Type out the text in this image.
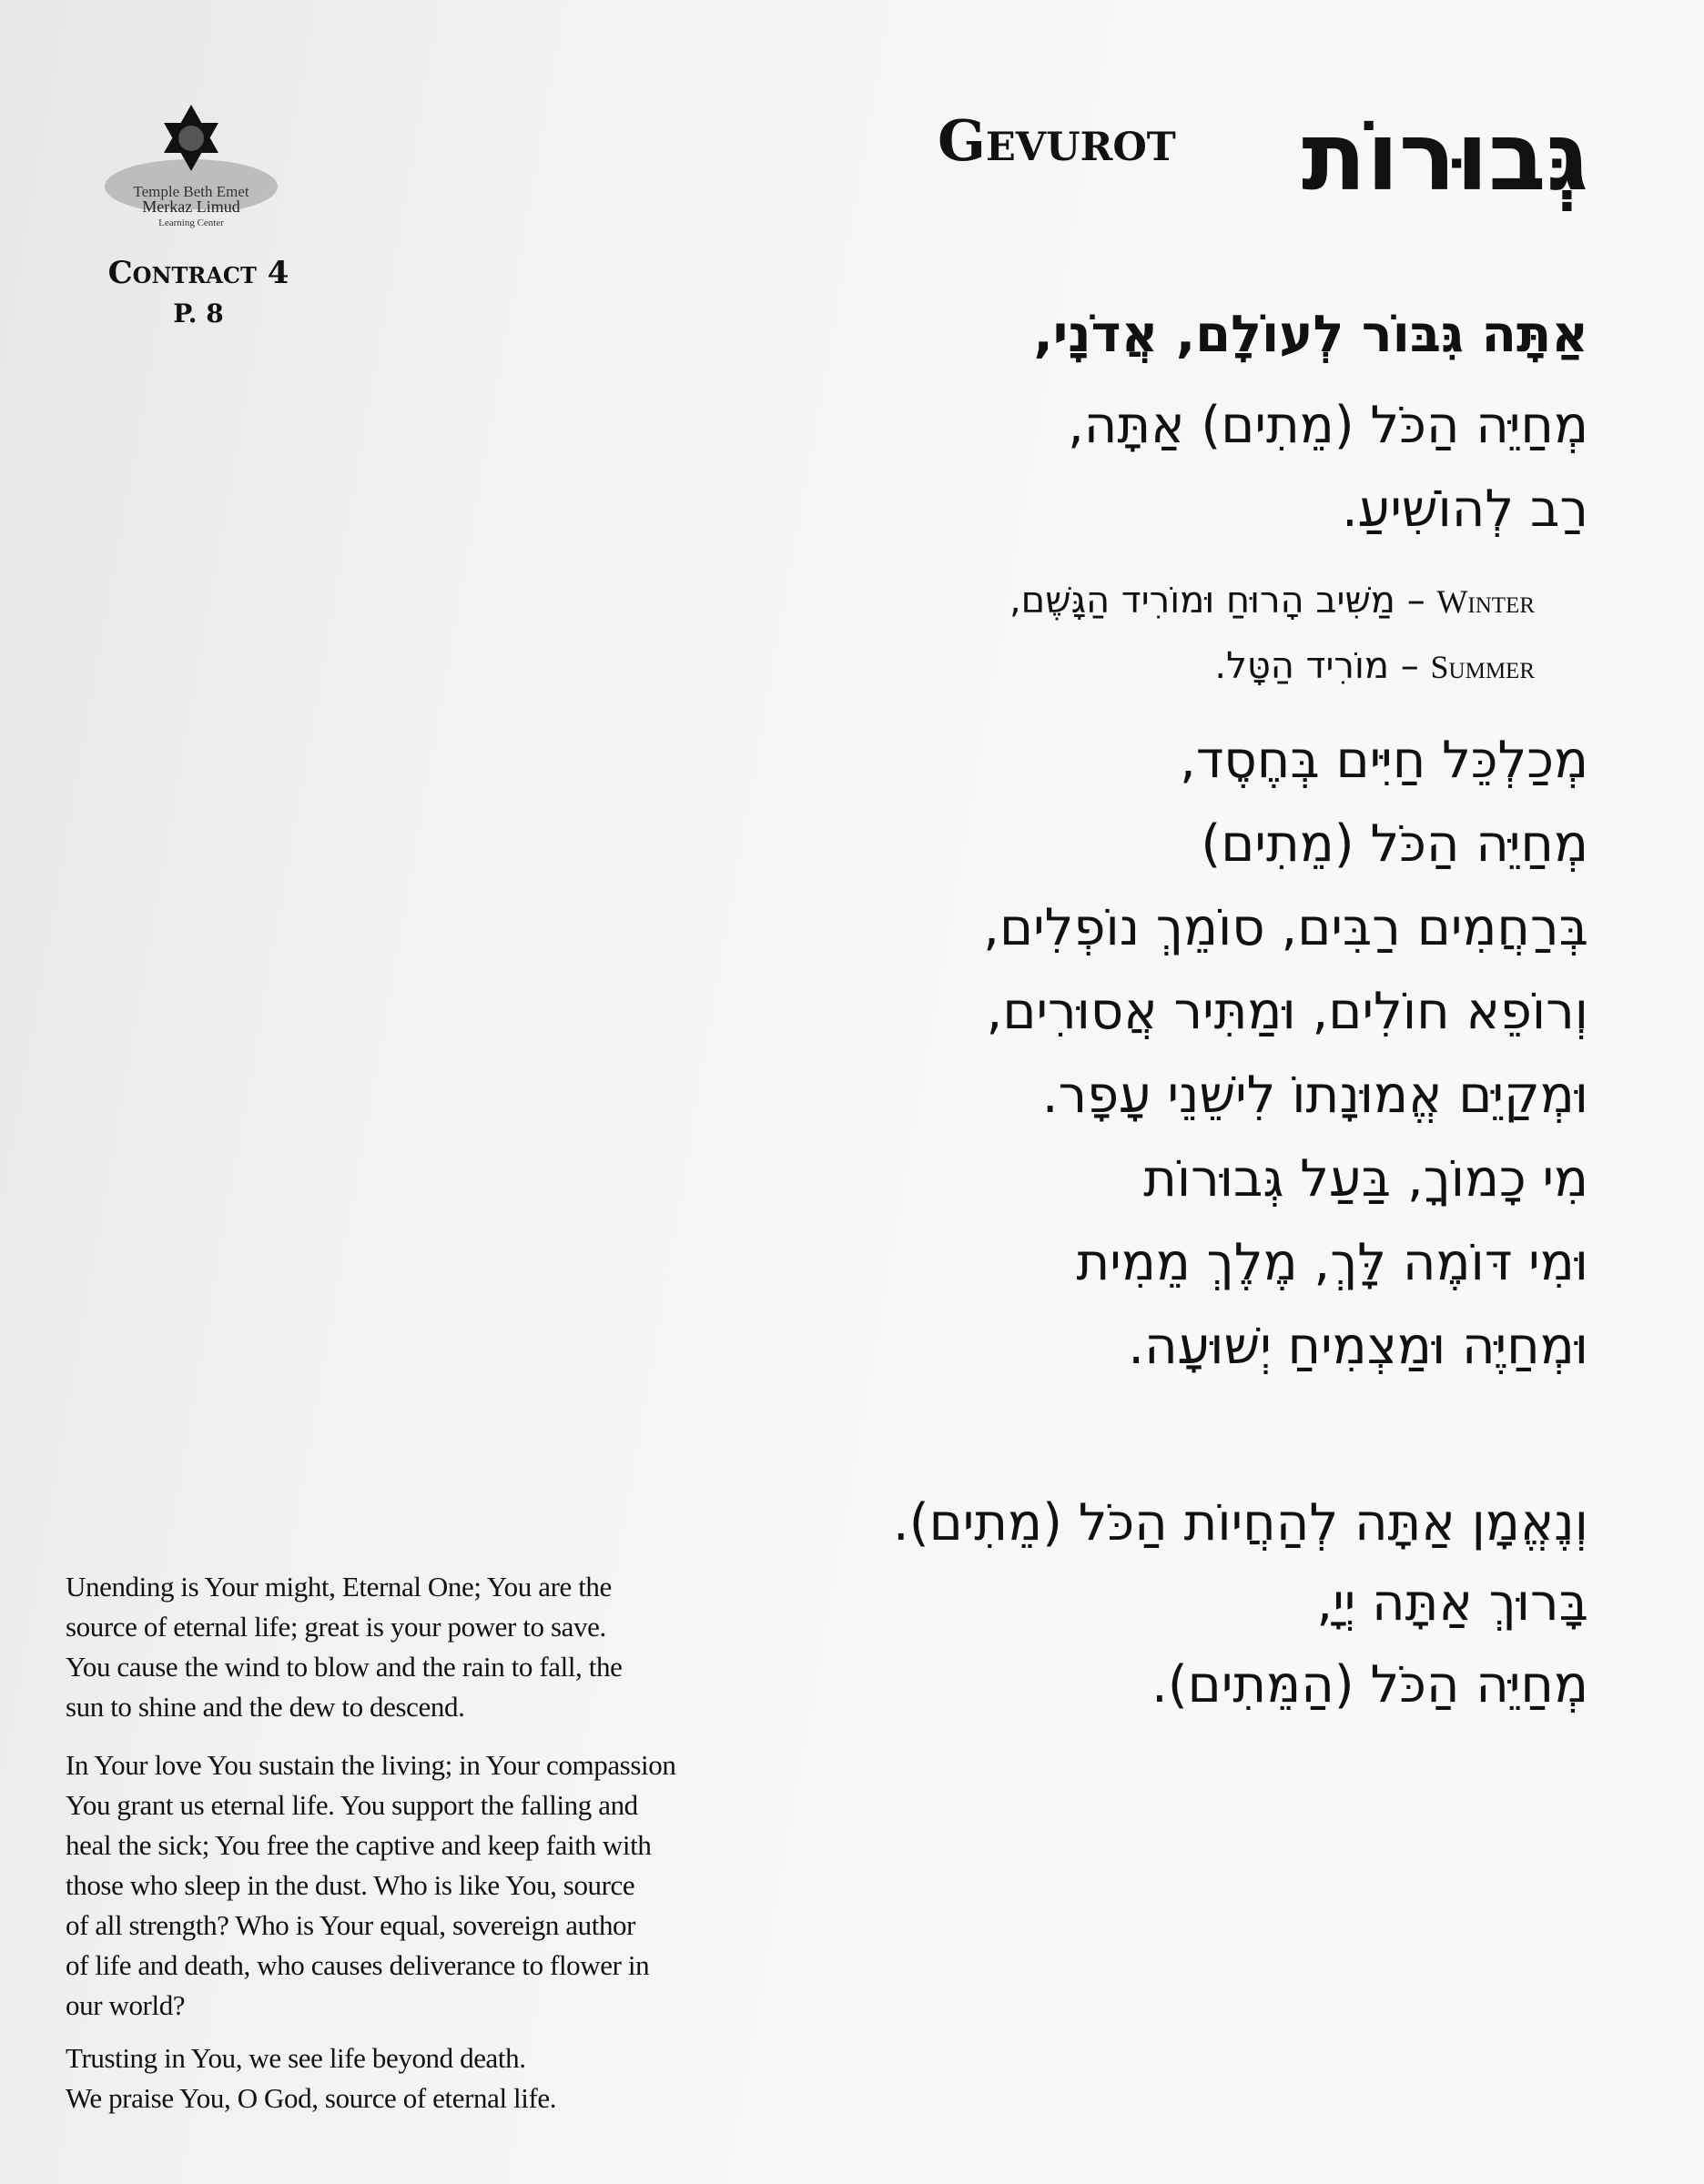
Temple Beth Emet
Merkaz Limud
Learning Center
Contract 4
P. 8
Gevurot גְּבוּרוֹת
אַתָּה גִּבּוֹר לְעוֹלָם, אֲדֹנָי,
מְחַיֵּה הַכֹּל (מֵתִים) אַתָּה,
רַב לְהוֹשִׁיעַ.
Winter – מַשִּׁיב הָרוּחַ וּמוֹרִיד הַגָּשֶׁם,
Summer – מוֹרִיד הַטָּל.
מְכַלְכֵּל חַיִּים בְּחֶסֶד,
מְחַיֵּה הַכֹּל (מֵתִים)
בְּרַחֲמִים רַבִּים, סוֹמֵךְ נוֹפְלִים,
וְרוֹפֵא חוֹלִים, וּמַתִּיר אֲסוּרִים,
וּמְקַיֵּם אֱמוּנָתוֹ לִישֵׁנֵי עָפָר.
מִי כָמוֹךָ, בַּעַל גְּבוּרוֹת
וּמִי דּוֹמֶה לָּךְ, מֶלֶךְ מֵמִית
וּמְחַיֶּה וּמַצְמִיחַ יְשׁוּעָה.
וְנֶאֱמָן אַתָּה לְהַחֲיוֹת הַכֹּל (מֵתִים).
בָּרוּךְ אַתָּה יְיָ,
מְחַיֵּה הַכֹּל (הַמֵּתִים).
Unending is Your might, Eternal One; You are the
source of eternal life; great is your power to save.
You cause the wind to blow and the rain to fall, the
sun to shine and the dew to descend.
In Your love You sustain the living; in Your compassion
You grant us eternal life. You support the falling and
heal the sick; You free the captive and keep faith with
those who sleep in the dust. Who is like You, source
of all strength? Who is Your equal, sovereign author
of life and death, who causes deliverance to flower in
our world?
Trusting in You, we see life beyond death.
We praise You, O God, source of eternal life.
